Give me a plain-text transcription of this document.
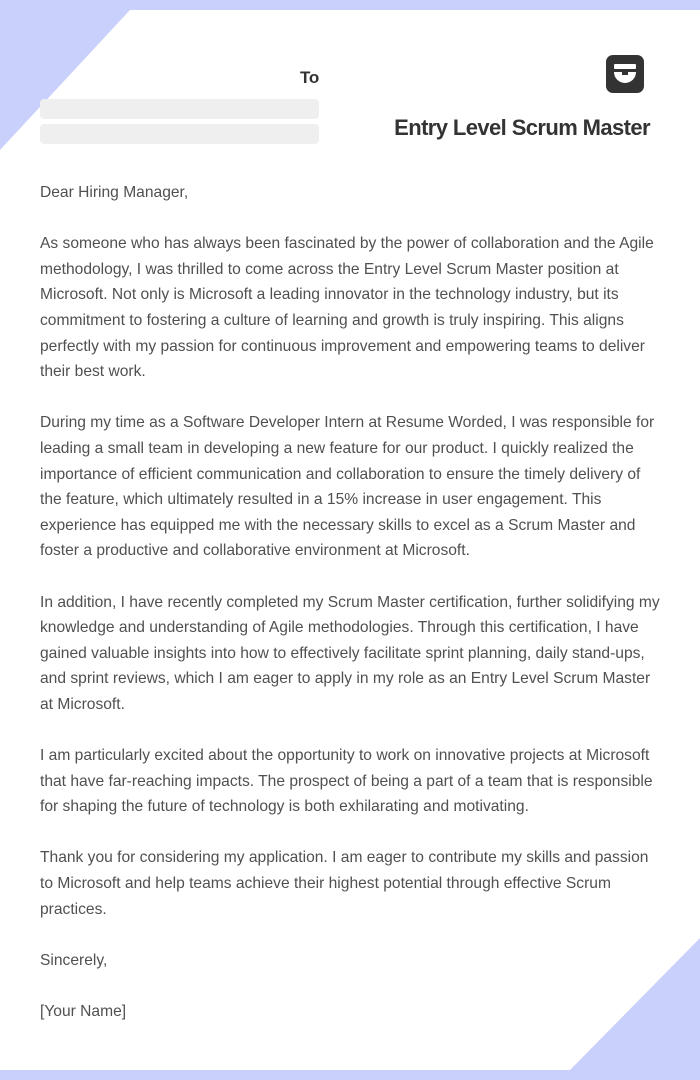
To
Entry Level Scrum Master

Dear Hiring Manager,

As someone who has always been fascinated by the power of collaboration and the Agile methodology, I was thrilled to come across the Entry Level Scrum Master position at Microsoft. Not only is Microsoft a leading innovator in the technology industry, but its commitment to fostering a culture of learning and growth is truly inspiring. This aligns perfectly with my passion for continuous improvement and empowering teams to deliver their best work.

During my time as a Software Developer Intern at Resume Worded, I was responsible for leading a small team in developing a new feature for our product. I quickly realized the importance of efficient communication and collaboration to ensure the timely delivery of the feature, which ultimately resulted in a 15% increase in user engagement. This experience has equipped me with the necessary skills to excel as a Scrum Master and foster a productive and collaborative environment at Microsoft.

In addition, I have recently completed my Scrum Master certification, further solidifying my knowledge and understanding of Agile methodologies. Through this certification, I have gained valuable insights into how to effectively facilitate sprint planning, daily stand-ups, and sprint reviews, which I am eager to apply in my role as an Entry Level Scrum Master at Microsoft.

I am particularly excited about the opportunity to work on innovative projects at Microsoft that have far-reaching impacts. The prospect of being a part of a team that is responsible for shaping the future of technology is both exhilarating and motivating.

Thank you for considering my application. I am eager to contribute my skills and passion to Microsoft and help teams achieve their highest potential through effective Scrum practices.

Sincerely,

[Your Name]
